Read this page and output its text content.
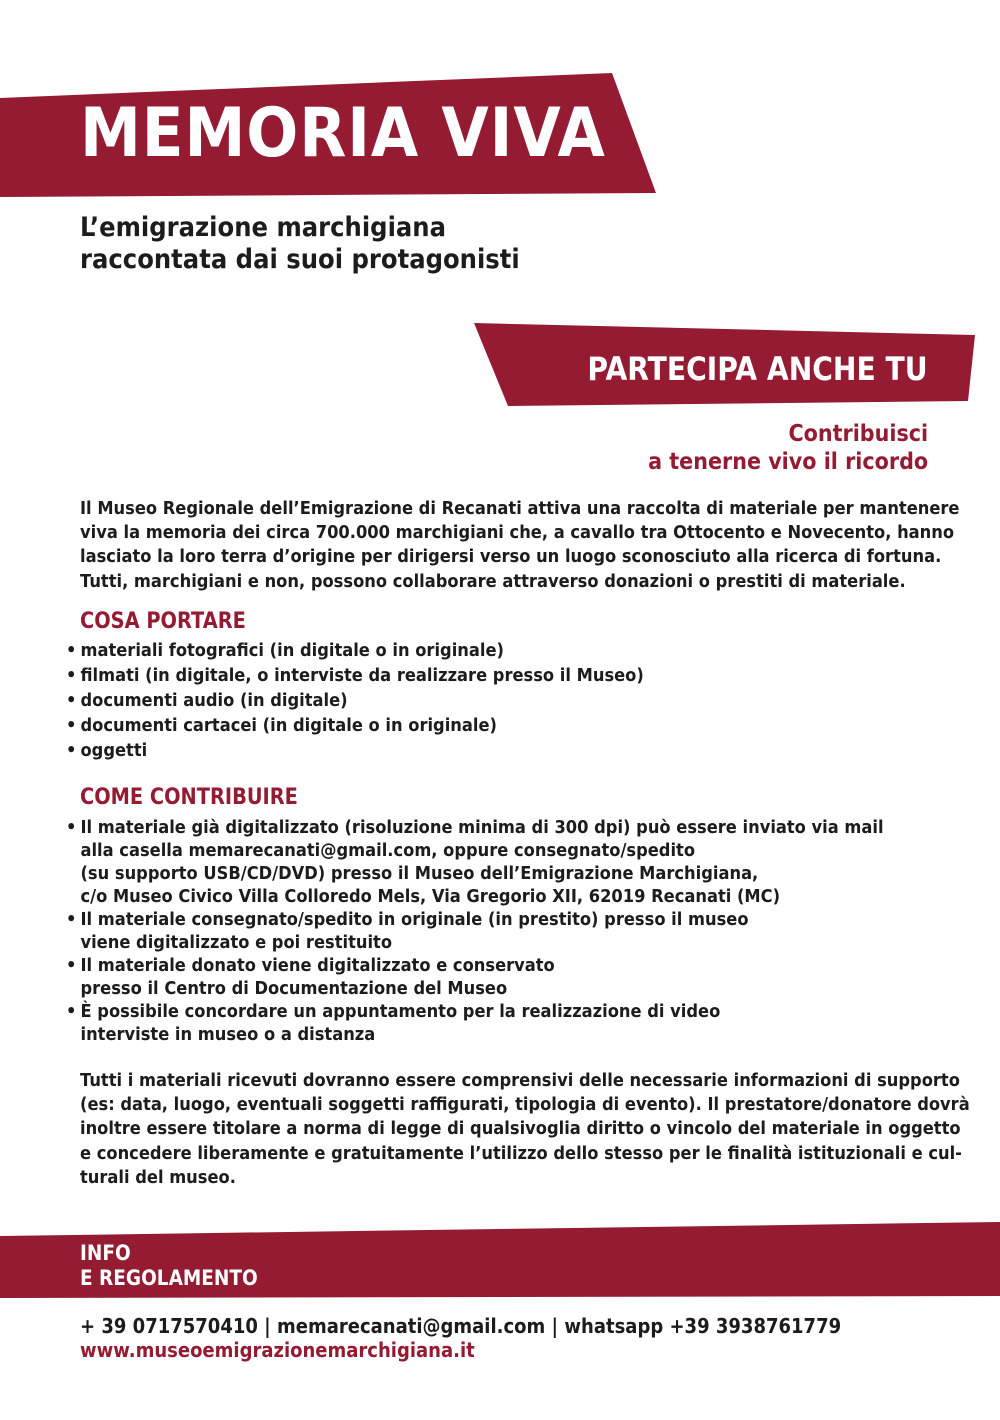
MEMORIA VIVA
L’emigrazione marchigiana
raccontata dai suoi protagonisti
PARTECIPA ANCHE TU
Contribuisci
a tenerne vivo il ricordo
Il Museo Regionale dell’Emigrazione di Recanati attiva una raccolta di materiale per mantenere
viva la memoria dei circa 700.000 marchigiani che, a cavallo tra Ottocento e Novecento, hanno
lasciato la loro terra d’origine per dirigersi verso un luogo sconosciuto alla ricerca di fortuna.
Tutti, marchigiani e non, possono collaborare attraverso donazioni o prestiti di materiale.
COSA PORTARE
• materiali fotografici (in digitale o in originale)
• filmati (in digitale, o interviste da realizzare presso il Museo)
• documenti audio (in digitale)
• documenti cartacei (in digitale o in originale)
• oggetti
COME CONTRIBUIRE
• Il materiale già digitalizzato (risoluzione minima di 300 dpi) può essere inviato via mail
alla casella memarecanati@gmail.com, oppure consegnato/spedito
(su supporto USB/CD/DVD) presso il Museo dell’Emigrazione Marchigiana,
c/o Museo Civico Villa Colloredo Mels, Via Gregorio XII, 62019 Recanati (MC)
• Il materiale consegnato/spedito in originale (in prestito) presso il museo
viene digitalizzato e poi restituito
• Il materiale donato viene digitalizzato e conservato
presso il Centro di Documentazione del Museo
• È possibile concordare un appuntamento per la realizzazione di video
interviste in museo o a distanza
Tutti i materiali ricevuti dovranno essere comprensivi delle necessarie informazioni di supporto
(es: data, luogo, eventuali soggetti raffigurati, tipologia di evento). Il prestatore/donatore dovrà
inoltre essere titolare a norma di legge di qualsivoglia diritto o vincolo del materiale in oggetto
e concedere liberamente e gratuitamente l’utilizzo dello stesso per le finalità istituzionali e cul-
turali del museo.
INFO
E REGOLAMENTO
+ 39 0717570410 | memarecanati@gmail.com | whatsapp +39 3938761779
www.museoemigrazionemarchigiana.it
